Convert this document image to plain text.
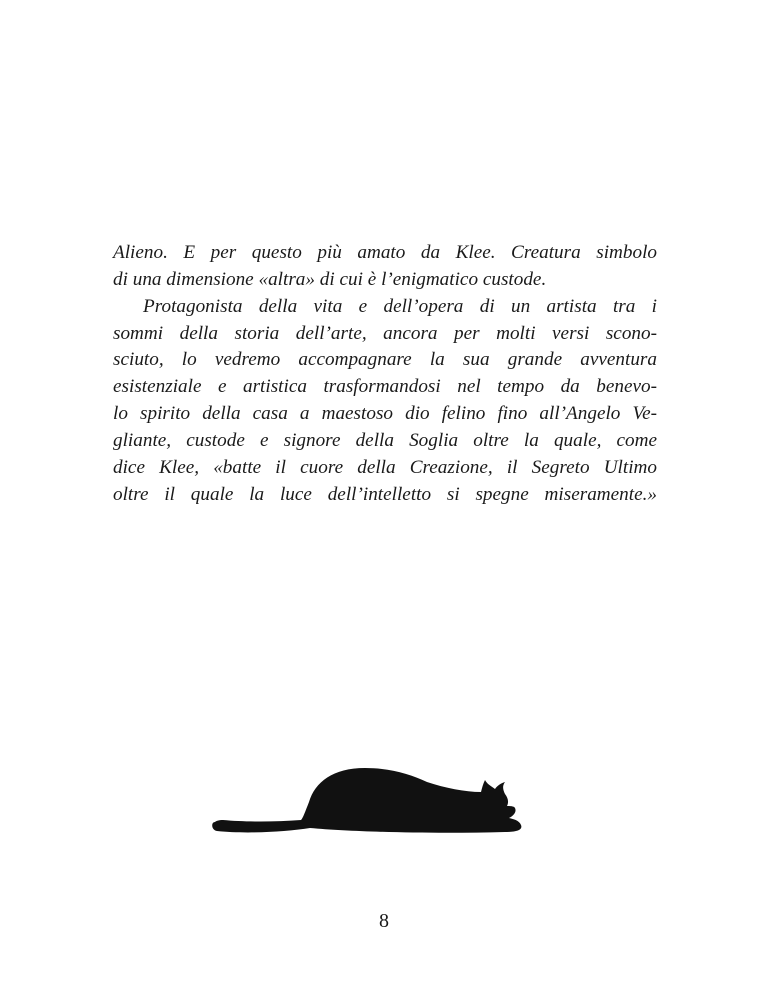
Alieno. E per questo più amato da Klee. Creatura simbolo
di una dimensione «altra» di cui è l’enigmatico custode.
Protagonista della vita e dell’opera di un artista tra i
sommi della storia dell’arte, ancora per molti versi scono-
sciuto, lo vedremo accompagnare la sua grande avventura
esistenziale e artistica trasformandosi nel tempo da benevo-
lo spirito della casa a maestoso dio felino fino all’Angelo Ve-
gliante, custode e signore della Soglia oltre la quale, come
dice Klee, «batte il cuore della Creazione, il Segreto Ultimo
oltre il quale la luce dell’intelletto si spegne miseramente.»
8
